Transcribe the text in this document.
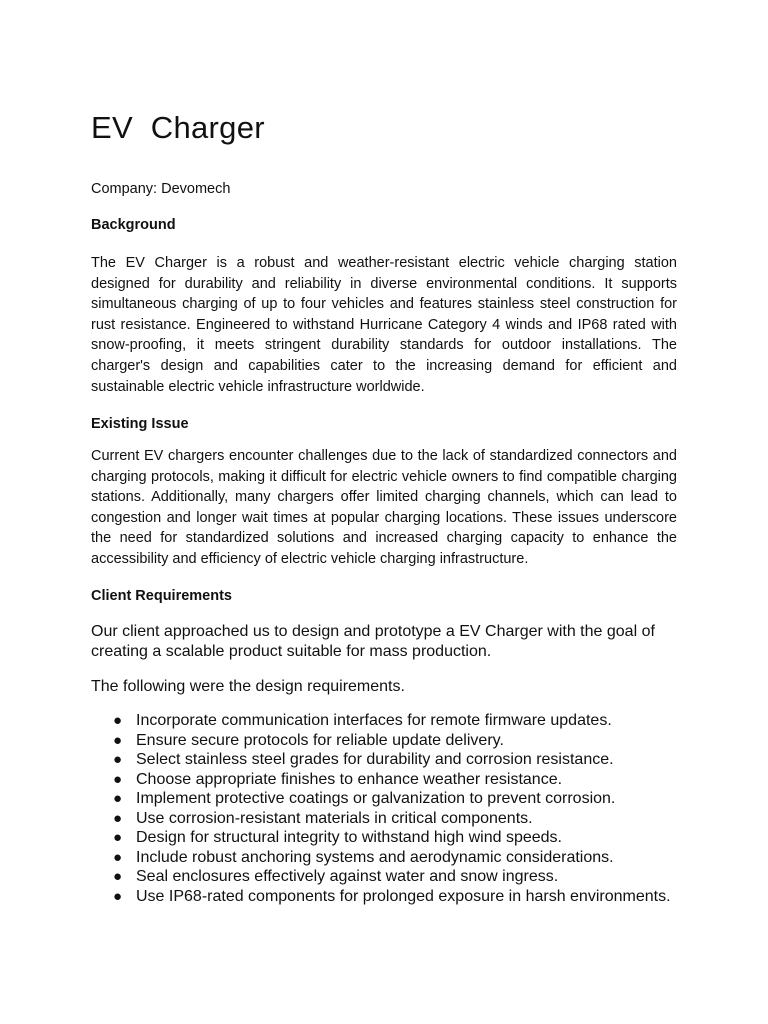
EV  Charger

Company: Devomech

Background

The EV Charger is a robust and weather-resistant electric vehicle charging station designed for durability and reliability in diverse environmental conditions. It supports simultaneous charging of up to four vehicles and features stainless steel construction for rust resistance. Engineered to withstand Hurricane Category 4 winds and IP68 rated with snow-proofing, it meets stringent durability standards for outdoor installations. The charger's design and capabilities cater to the increasing demand for efficient and sustainable electric vehicle infrastructure worldwide.

Existing Issue

Current EV chargers encounter challenges due to the lack of standardized connectors and charging protocols, making it difficult for electric vehicle owners to find compatible charging stations. Additionally, many chargers offer limited charging channels, which can lead to congestion and longer wait times at popular charging locations. These issues underscore the need for standardized solutions and increased charging capacity to enhance the accessibility and efficiency of electric vehicle charging infrastructure.

Client Requirements

Our client approached us to design and prototype a EV Charger with the goal of creating a scalable product suitable for mass production.

The following were the design requirements.

● Incorporate communication interfaces for remote firmware updates.
● Ensure secure protocols for reliable update delivery.
● Select stainless steel grades for durability and corrosion resistance.
● Choose appropriate finishes to enhance weather resistance.
● Implement protective coatings or galvanization to prevent corrosion.
● Use corrosion-resistant materials in critical components.
● Design for structural integrity to withstand high wind speeds.
● Include robust anchoring systems and aerodynamic considerations.
● Seal enclosures effectively against water and snow ingress.
● Use IP68-rated components for prolonged exposure in harsh environments.
